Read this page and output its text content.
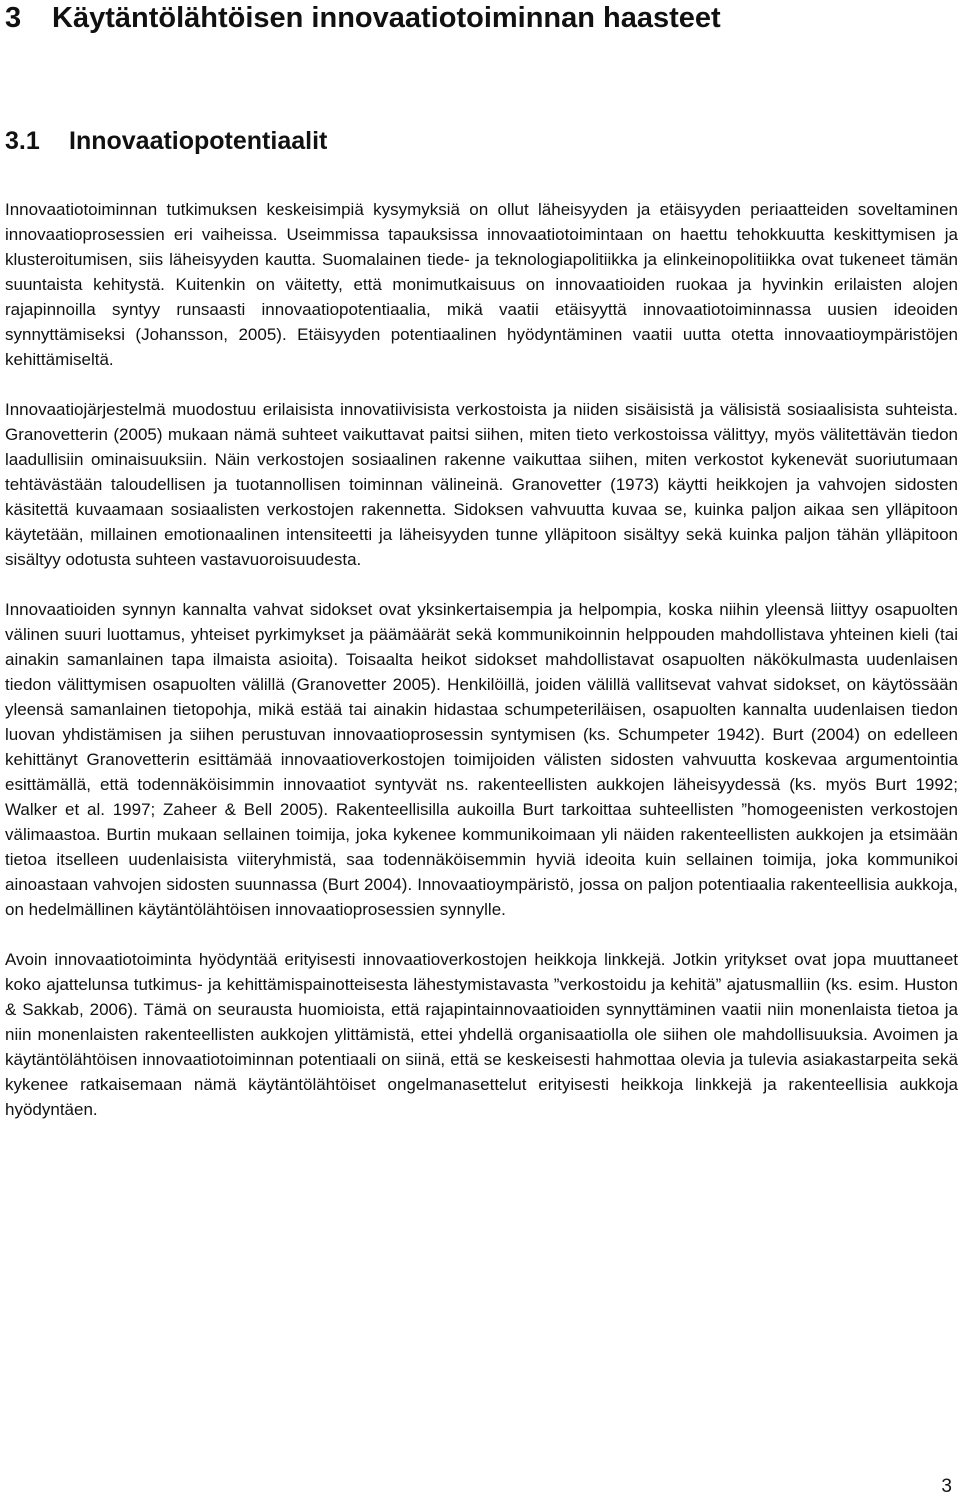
3 Käytäntölähtöisen innovaatiotoiminnan haasteet
3.1 Innovaatiopotentiaalit

Innovaatiotoiminnan tutkimuksen keskeisimpiä kysymyksiä on ollut läheisyyden ja etäisyyden periaatteiden soveltaminen innovaatioprosessien eri vaiheissa. Useimmissa tapauksissa innovaatiotoimintaan on haettu tehokkuutta keskittymisen ja klusteroitumisen, siis läheisyyden kautta. Suomalainen tiede- ja teknologiapolitiikka ja elinkeinopolitiikka ovat tukeneet tämän suuntaista kehitystä. Kuitenkin on väitetty, että monimutkaisuus on innovaatioiden ruokaa ja hyvinkin erilaisten alojen rajapinnoilla syntyy runsaasti innovaatiopotentiaalia, mikä vaatii etäisyyttä innovaatiotoiminnassa uusien ideoiden synnyttämiseksi (Johansson, 2005). Etäisyyden potentiaalinen hyödyntäminen vaatii uutta otetta innovaatioympäristöjen kehittämiseltä.

Innovaatiojärjestelmä muodostuu erilaisista innovatiivisista verkostoista ja niiden sisäisistä ja välisistä sosiaalisista suhteista. Granovetterin (2005) mukaan nämä suhteet vaikuttavat paitsi siihen, miten tieto verkostoissa välittyy, myös välitettävän tiedon laadullisiin ominaisuuksiin. Näin verkostojen sosiaalinen rakenne vaikuttaa siihen, miten verkostot kykenevät suoriutumaan tehtävästään taloudellisen ja tuotannollisen toiminnan välineinä. Granovetter (1973) käytti heikkojen ja vahvojen sidosten käsitettä kuvaamaan sosiaalisten verkostojen rakennetta. Sidoksen vahvuutta kuvaa se, kuinka paljon aikaa sen ylläpitoon käytetään, millainen emotionaalinen intensiteetti ja läheisyyden tunne ylläpitoon sisältyy sekä kuinka paljon tähän ylläpitoon sisältyy odotusta suhteen vastavuoroisuudesta.

Innovaatioiden synnyn kannalta vahvat sidokset ovat yksinkertaisempia ja helpompia, koska niihin yleensä liittyy osapuolten välinen suuri luottamus, yhteiset pyrkimykset ja päämäärät sekä kommunikoinnin helppouden mahdollistava yhteinen kieli (tai ainakin samanlainen tapa ilmaista asioita). Toisaalta heikot sidokset mahdollistavat osapuolten näkökulmasta uudenlaisen tiedon välittymisen osapuolten välillä (Granovetter 2005). Henkilöillä, joiden välillä vallitsevat vahvat sidokset, on käytössään yleensä samanlainen tietopohja, mikä estää tai ainakin hidastaa schumpeteriläisen, osapuolten kannalta uudenlaisen tiedon luovan yhdistämisen ja siihen perustuvan innovaatioprosessin syntymisen (ks. Schumpeter 1942). Burt (2004) on edelleen kehittänyt Granovetterin esittämää innovaatioverkostojen toimijoiden välisten sidosten vahvuutta koskevaa argumentointia esittämällä, että todennäköisimmin innovaatiot syntyvät ns. rakenteellisten aukkojen läheisyydessä (ks. myös Burt 1992; Walker et al. 1997; Zaheer & Bell 2005). Rakenteellisilla aukoilla Burt tarkoittaa suhteellisten ”homogeenisten verkostojen välimaastoa. Burtin mukaan sellainen toimija, joka kykenee kommunikoimaan yli näiden rakenteellisten aukkojen ja etsimään tietoa itselleen uudenlaisista viiteryhmistä, saa todennäköisemmin hyviä ideoita kuin sellainen toimija, joka kommunikoi ainoastaan vahvojen sidosten suunnassa (Burt 2004). Innovaatioympäristö, jossa on paljon potentiaalia rakenteellisia aukkoja, on hedelmällinen käytäntölähtöisen innovaatioprosessien synnylle.

Avoin innovaatiotoiminta hyödyntää erityisesti innovaatioverkostojen heikkoja linkkejä. Jotkin yritykset ovat jopa muuttaneet koko ajattelunsa tutkimus- ja kehittämispainotteisesta lähestymistavasta ”verkostoidu ja kehitä” ajatusmalliin (ks. esim. Huston & Sakkab, 2006). Tämä on seurausta huomioista, että rajapintainnovaatioiden synnyttäminen vaatii niin monenlaista tietoa ja niin monenlaisten rakenteellisten aukkojen ylittämistä, ettei yhdellä organisaatiolla ole siihen ole mahdollisuuksia. Avoimen ja käytäntölähtöisen innovaatiotoiminnan potentiaali on siinä, että se keskeisesti hahmottaa olevia ja tulevia asiakastarpeita sekä kykenee ratkaisemaan nämä käytäntölähtöiset ongelmanasettelut erityisesti heikkoja linkkejä ja rakenteellisia aukkoja hyödyntäen.

3
